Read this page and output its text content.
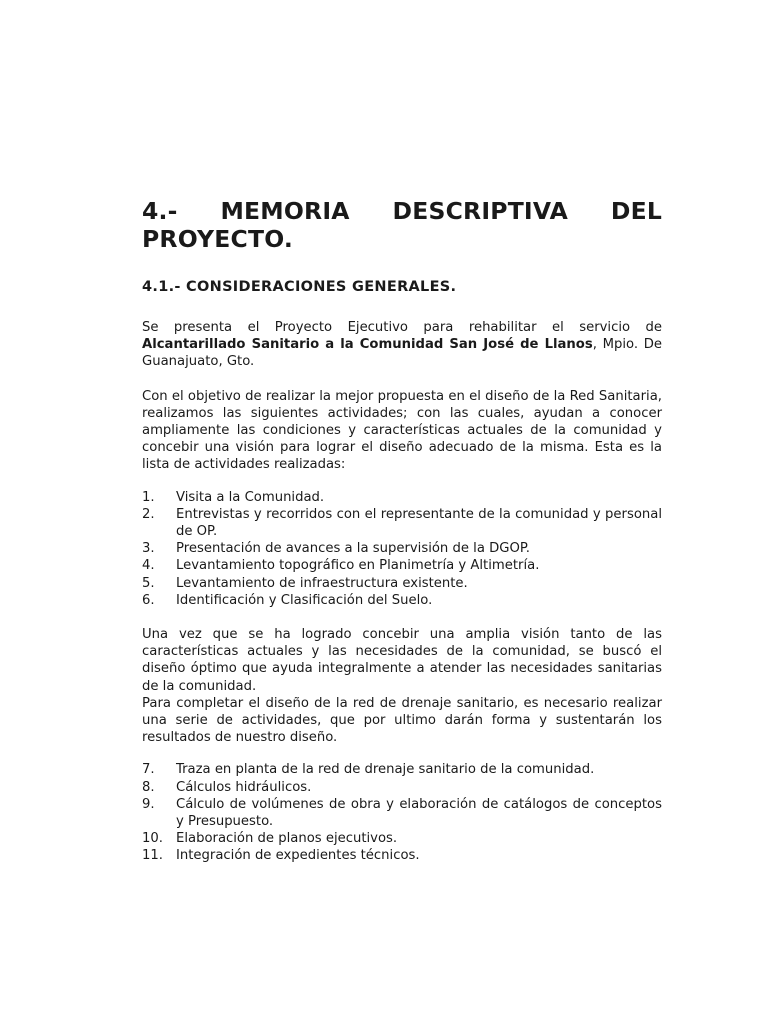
4.- MEMORIA DESCRIPTIVA DEL PROYECTO.
4.1.- CONSIDERACIONES GENERALES.

Se presenta el Proyecto Ejecutivo para rehabilitar el servicio de Alcantarillado Sanitario a la Comunidad San José de Llanos, Mpio. De Guanajuato, Gto.

Con el objetivo de realizar la mejor propuesta en el diseño de la Red Sanitaria, realizamos las siguientes actividades; con las cuales, ayudan a conocer ampliamente las condiciones y características actuales de la comunidad y concebir una visión para lograr el diseño adecuado de la misma. Esta es la lista de actividades realizadas:

1.	Visita a la Comunidad.
2.	Entrevistas y recorridos con el representante de la comunidad y personal de OP.
3.	Presentación de avances a la supervisión de la DGOP.
4.	Levantamiento topográfico en Planimetría y Altimetría.
5.	Levantamiento de infraestructura existente.
6.	Identificación y Clasificación del Suelo.

Una vez que se ha logrado concebir una amplia visión tanto de las características actuales y las necesidades de la comunidad, se buscó el diseño óptimo que ayuda integralmente a atender las necesidades sanitarias de la comunidad.

Para completar el diseño de la red de drenaje sanitario, es necesario realizar una serie de actividades, que por ultimo darán forma y sustentarán los resultados de nuestro diseño.

7.	Traza en planta de la red de drenaje sanitario de la comunidad.
8.	Cálculos hidráulicos.
9.	Cálculo de volúmenes de obra y elaboración de catálogos de conceptos y Presupuesto.
10. Elaboración de planos ejecutivos.
11. Integración de expedientes técnicos.
